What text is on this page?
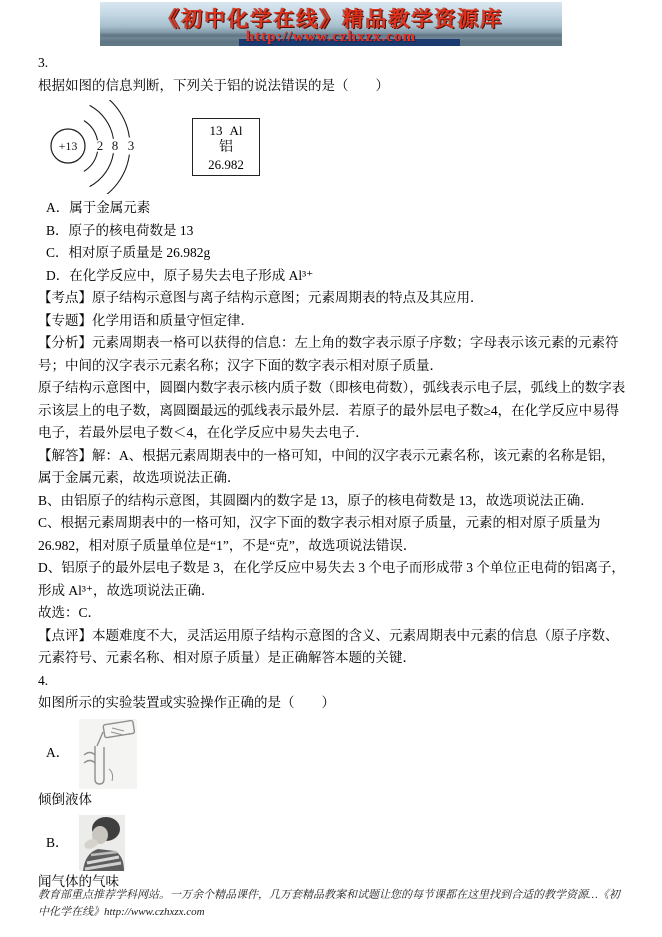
《初中化学在线》精品教学资源库
http://www.czhxzx.com

3.

根据如图的信息判断，下列关于铝的说法错误的是（　　）

+13 2 8 3
13 Al
铝
26.982

A．属于金属元素

B．原子的核电荷数是 13

C．相对原子质量是 26.982g

D．在化学反应中，原子易失去电子形成 Al³⁺

【考点】原子结构示意图与离子结构示意图；元素周期表的特点及其应用．

【专题】化学用语和质量守恒定律．

【分析】元素周期表一格可以获得的信息：左上角的数字表示原子序数；字母表示该元素的元素符号；中间的汉字表示元素名称；汉字下面的数字表示相对原子质量．

原子结构示意图中，圆圈内数字表示核内质子数（即核电荷数），弧线表示电子层，弧线上的数字表示该层上的电子数，离圆圈最远的弧线表示最外层．若原子的最外层电子数≥4，在化学反应中易得电子，若最外层电子数＜4，在化学反应中易失去电子．

【解答】解：A、根据元素周期表中的一格可知，中间的汉字表示元素名称，该元素的名称是铝，属于金属元素，故选项说法正确．

B、由铝原子的结构示意图，其圆圈内的数字是 13，原子的核电荷数是 13，故选项说法正确．

C、根据元素周期表中的一格可知，汉字下面的数字表示相对原子质量，元素的相对原子质量为 26.982，相对原子质量单位是“1”，不是“克”，故选项说法错误．

D、铝原子的最外层电子数是 3，在化学反应中易失去 3 个电子而形成带 3 个单位正电荷的铝离子，形成 Al³⁺，故选项说法正确．

故选：C．

【点评】本题难度不大，灵活运用原子结构示意图的含义、元素周期表中元素的信息（原子序数、元素符号、元素名称、相对原子质量）是正确解答本题的关键．

4.

如图所示的实验装置或实验操作正确的是（　　）

A．

倾倒液体

B．

闻气体的气味

教育部重点推荐学科网站。一万余个精品课件，几万套精品教案和试题让您的每节课都在这里找到合适的教学资源…《初中化学在线》http://www.czhxzx.com
